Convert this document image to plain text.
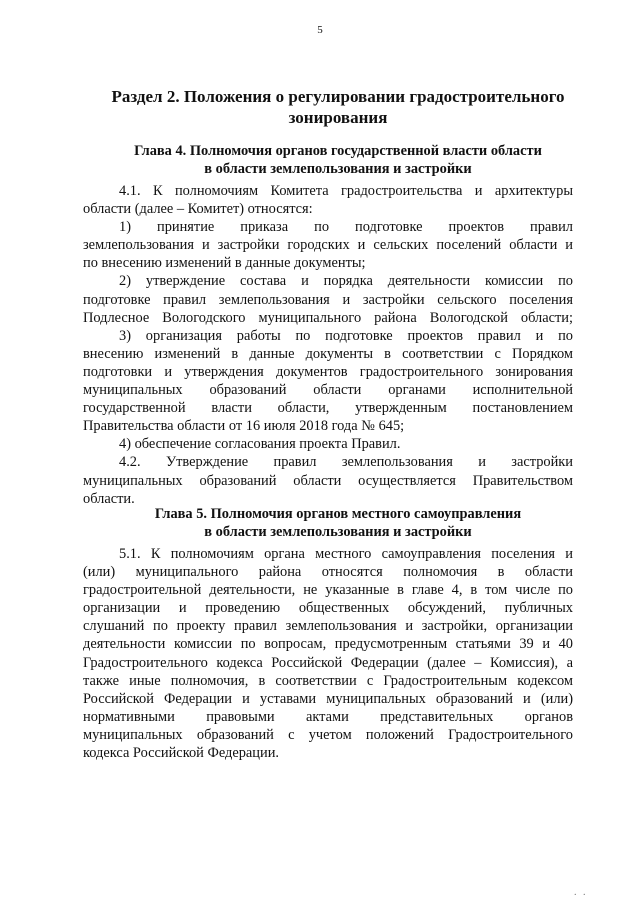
5
Раздел 2. Положения о регулировании градостроительного
зонирования
Глава 4. Полномочия органов государственной власти области
в области землепользования и застройки
4.1. К полномочиям Комитета градостроительства и архитектуры
области (далее – Комитет) относятся:
1) принятие приказа по подготовке проектов правил
землепользования и застройки городских и сельских поселений области и
по внесению изменений в данные документы;
2) утверждение состава и порядка деятельности комиссии по
подготовке правил землепользования и застройки сельского поселения
Подлесное Вологодского муниципального района Вологодской области;
3) организация работы по подготовке проектов правил и по
внесению изменений в данные документы в соответствии с Порядком
подготовки и утверждения документов градостроительного зонирования
муниципальных образований области органами исполнительной
государственной власти области, утвержденным постановлением
Правительства области от 16 июля 2018 года № 645;
4) обеспечение согласования проекта Правил.
4.2. Утверждение правил землепользования и застройки
муниципальных образований области осуществляется Правительством
области.
Глава 5. Полномочия органов местного самоуправления
в области землепользования и застройки
5.1. К полномочиям органа местного самоуправления поселения и
(или) муниципального района относятся полномочия в области
градостроительной деятельности, не указанные в главе 4, в том числе по
организации и проведению общественных обсуждений, публичных
слушаний по проекту правил землепользования и застройки, организации
деятельности комиссии по вопросам, предусмотренным статьями 39 и 40
Градостроительного кодекса Российской Федерации (далее – Комиссия), а
также иные полномочия, в соответствии с Градостроительным кодексом
Российской Федерации и уставами муниципальных образований и (или)
нормативными правовыми актами представительных органов
муниципальных образований с учетом положений Градостроительного
кодекса Российской Федерации.
. .
